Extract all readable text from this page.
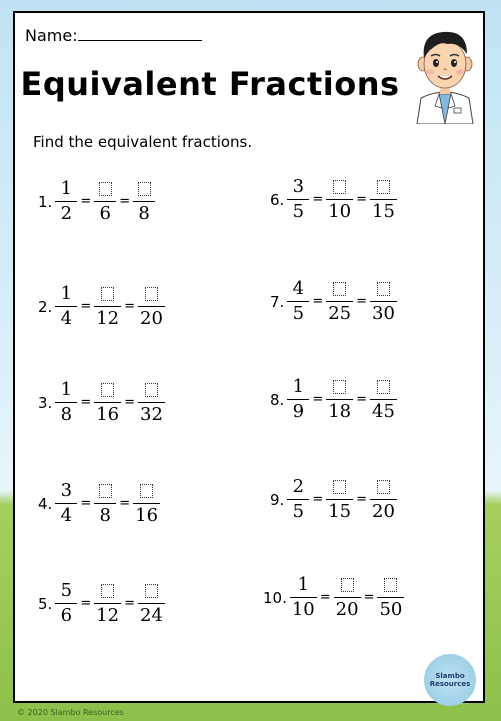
Name:
Equivalent Fractions
Find the equivalent fractions.
1. $\frac{1}{2}$ =
6
=
8
2. $\frac{1}{4}$ =
12
=
20
3. $\frac{1}{8}$ =
16
=
32
4. $\frac{3}{4}$ =
8
=
16
5. $\frac{5}{6}$ =
12
=
24
6. $\frac{3}{5}$ =
10
=
15
7. $\frac{4}{5}$ =
25
=
30
8. $\frac{1}{9}$ =
18
=
45
9. $\frac{2}{5}$ =
15
=
20
10. $\frac{1}{10}$ =
20
=
50
Slambo
Resources
© 2020 Slambo Resources
